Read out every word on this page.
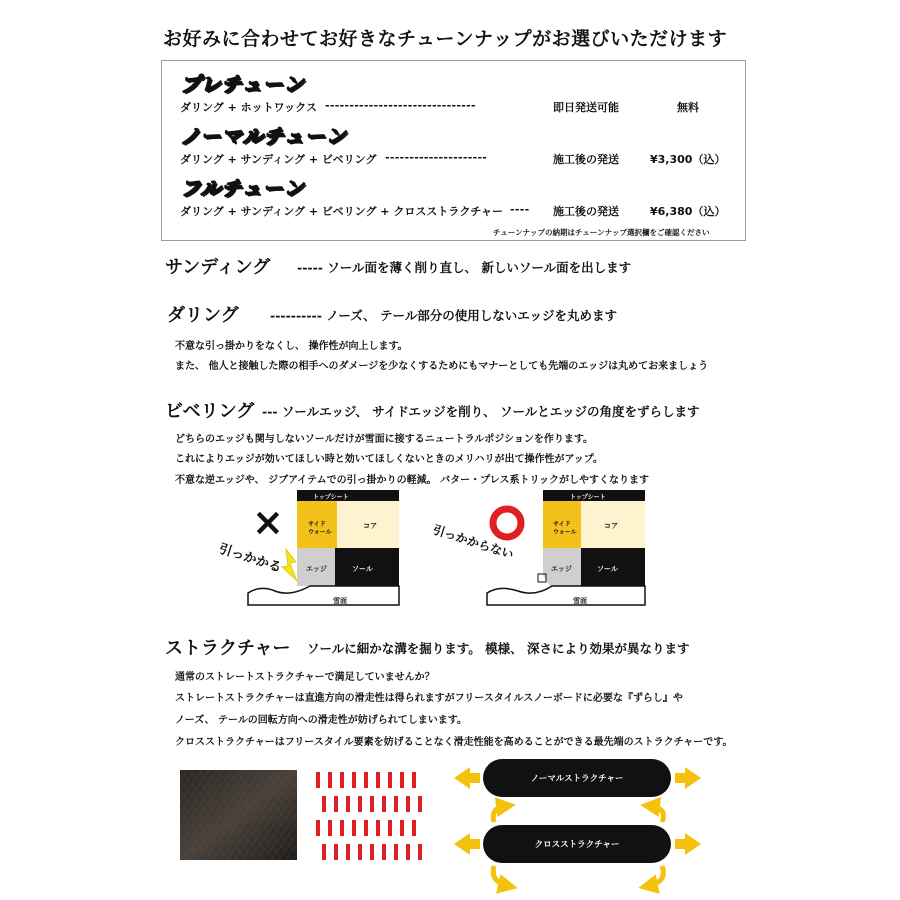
お好みに合わせてお好きなチューンナップがお選びいただけます
プレチューン
ダリング + ホットワックス -------------------------------	即日発送可能	無料
ノーマルチューン
ダリング + サンディング + ビベリング ---------------------	施工後の発送	¥3,300（込）
フルチューン
ダリング + サンディング + ビベリング + クロスストラクチャー ---- 施工後の発送	¥6,380（込）
チューンナップの納期はチューンナップ選択欄をご確認ください
サンディング ----- ソール面を薄く削り直し、 新しいソール面を出します
ダリング	---------- ノーズ、 テール部分の使用しないエッジを丸めます
不意な引っ掛かりをなくし、 操作性が向上します。
また、 他人と接触した際の相手へのダメージを少なくするためにもマナーとしても先端のエッジは丸めてお来ましょう
ビベリング --- ソールエッジ、 サイドエッジを削り、 ソールとエッジの角度をずらします
どちらのエッジも関与しないソールだけが雪面に接するニュートラルポジションを作ります。
これによりエッジが効いてほしい時と効いてほしくないときのメリハリが出て操作性がアップ。
不意な逆エッジや、 ジブアイテムでの引っ掛かりの軽減。 バター・プレス系トリックがしやすくなります
トップシート
サイド
ウォール
コア
エッジ	ソール
雪面
×
引っかかる
トップシート
サイド
ウォール
コア
エッジ	ソール
雪面
引っかからない
ストラクチャー ソールに細かな溝を掘ります。 模様、 深さにより効果が異なります
通常のストレートストラクチャーで満足していませんか？
ストレートストラクチャーは直進方向の滑走性は得られますがフリースタイルスノーボードに必要な『ずらし』や
ノーズ、 テールの回転方向への滑走性が妨げられてしまいます。
クロスストラクチャーはフリースタイル要素を妨げることなく滑走性能を高めることができる最先端のストラクチャーです。
ノーマルストラクチャー
クロスストラクチャー
